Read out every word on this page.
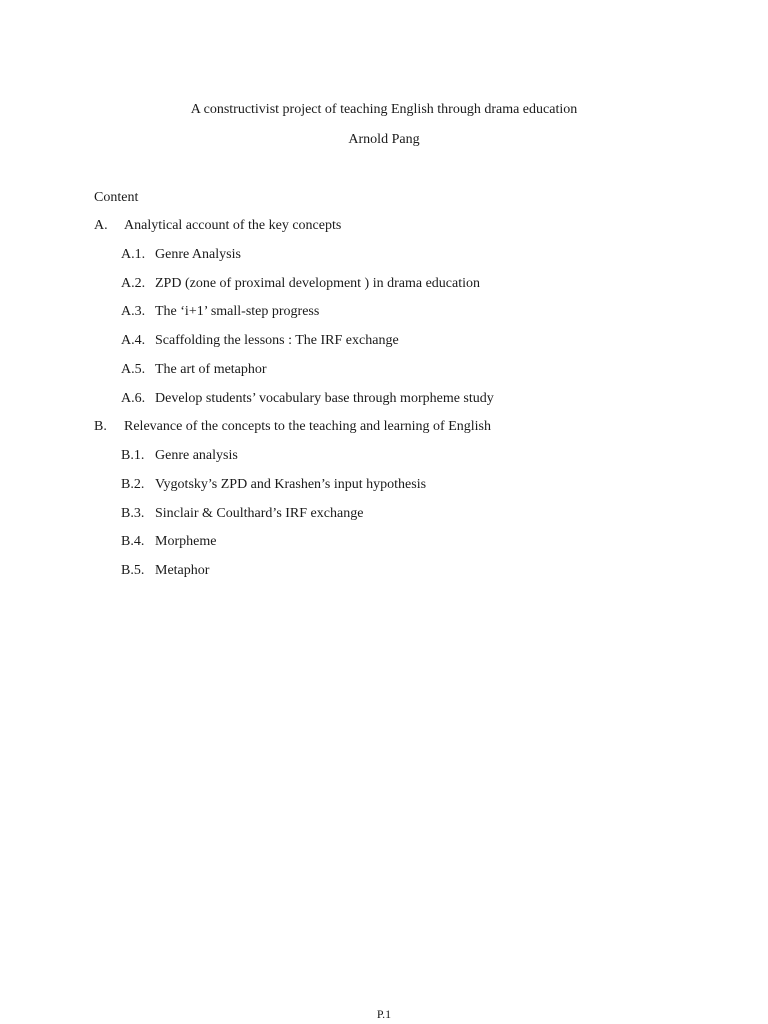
A constructivist project of teaching English through drama education
Arnold Pang
Content
A.	Analytical account of the key concepts
A.1. Genre Analysis
A.2. ZPD (zone of proximal development ) in drama education
A.3. The ‘i+1’ small-step progress
A.4. Scaffolding the lessons : The IRF exchange
A.5. The art of metaphor
A.6. Develop students’ vocabulary base through morpheme study
B.	Relevance of the concepts to the teaching and learning of English
B.1. Genre analysis
B.2. Vygotsky’s ZPD and Krashen’s input hypothesis
B.3. Sinclair & Coulthard’s IRF exchange
B.4. Morpheme
B.5. Metaphor
P.1
